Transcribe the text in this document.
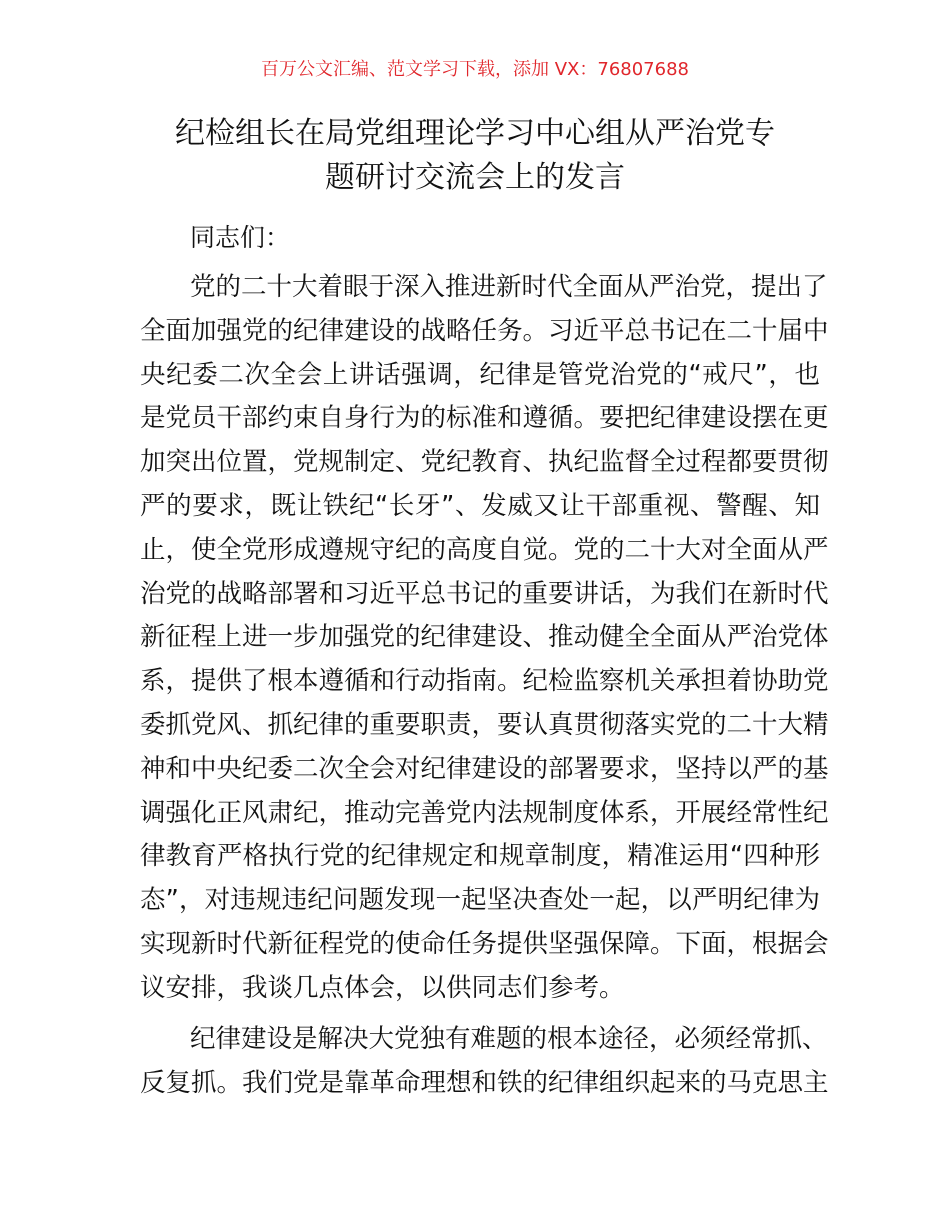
百万公文汇编、范文学习下载，添加 VX：76807688
纪检组长在局党组理论学习中心组从严治党专
题研讨交流会上的发言
同志们：
党的二十大着眼于深入推进新时代全面从严治党，提出了
全面加强党的纪律建设的战略任务。习近平总书记在二十届中
央纪委二次全会上讲话强调，纪律是管党治党的“戒尺”，也
是党员干部约束自身行为的标准和遵循。要把纪律建设摆在更
加突出位置，党规制定、党纪教育、执纪监督全过程都要贯彻
严的要求，既让铁纪“长牙”、发威又让干部重视、警醒、知
止，使全党形成遵规守纪的高度自觉。党的二十大对全面从严
治党的战略部署和习近平总书记的重要讲话，为我们在新时代
新征程上进一步加强党的纪律建设、推动健全全面从严治党体
系，提供了根本遵循和行动指南。纪检监察机关承担着协助党
委抓党风、抓纪律的重要职责，要认真贯彻落实党的二十大精
神和中央纪委二次全会对纪律建设的部署要求，坚持以严的基
调强化正风肃纪，推动完善党内法规制度体系，开展经常性纪
律教育严格执行党的纪律规定和规章制度，精准运用“四种形
态”，对违规违纪问题发现一起坚决查处一起，以严明纪律为
实现新时代新征程党的使命任务提供坚强保障。下面，根据会
议安排，我谈几点体会，以供同志们参考。
纪律建设是解决大党独有难题的根本途径，必须经常抓、
反复抓。我们党是靠革命理想和铁的纪律组织起来的马克思主
